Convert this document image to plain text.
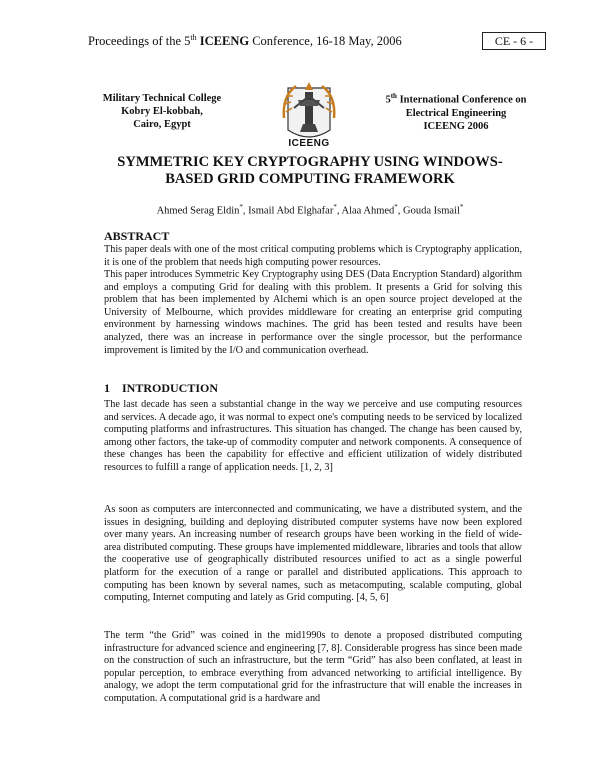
Proceedings of the 5th ICEENG Conference, 16-18 May, 2006	CE - 6 -
Military Technical College
Kobry El-kobbah,
Cairo, Egypt
ICEENG
5th International Conference on
Electrical Engineering
ICEENG 2006
SYMMETRIC KEY CRYPTOGRAPHY USING WINDOWS-
BASED GRID COMPUTING FRAMEWORK
Ahmed Serag Eldin*, Ismail Abd Elghafar*, Alaa Ahmed*, Gouda Ismail*
ABSTRACT
This paper deals with one of the most critical computing problems which is Cryptography application, it is one of the problem that needs high computing power resources.
This paper introduces Symmetric Key Cryptography using DES (Data Encryption Standard) algorithm and employs a computing Grid for dealing with this problem. It presents a Grid for solving this problem that has been implemented by Alchemi which is an open source project developed at the University of Melbourne, which provides middleware for creating an enterprise grid computing environment by harnessing windows machines. The grid has been tested and results have been analyzed, there was an increase in performance over the single processor, but the performance improvement is limited by the I/O and communication overhead.
1 INTRODUCTION
The last decade has seen a substantial change in the way we perceive and use computing resources and services. A decade ago, it was normal to expect one's computing needs to be serviced by localized computing platforms and infrastructures. This situation has changed. The change has been caused by, among other factors, the take-up of commodity computer and network components. A consequence of these changes has been the capability for effective and efficient utilization of widely distributed resources to fulfill a range of application needs. [1, 2, 3]
As soon as computers are interconnected and communicating, we have a distributed system, and the issues in designing, building and deploying distributed computer systems have now been explored over many years. An increasing number of research groups have been working in the field of wide-area distributed computing. These groups have implemented middleware, libraries and tools that allow the cooperative use of geographically distributed resources unified to act as a single powerful platform for the execution of a range or parallel and distributed applications. This approach to computing has been known by several names, such as metacomputing, scalable computing, global computing, Internet computing and lately as Grid computing. [4, 5, 6]
The term “the Grid” was coined in the mid1990s to denote a proposed distributed computing infrastructure for advanced science and engineering [7, 8]. Considerable progress has since been made on the construction of such an infrastructure, but the term “Grid” has also been conflated, at least in popular perception, to embrace everything from advanced networking to artificial intelligence. By analogy, we adopt the term computational grid for the infrastructure that will enable the increases in computation. A computational grid is a hardware and
